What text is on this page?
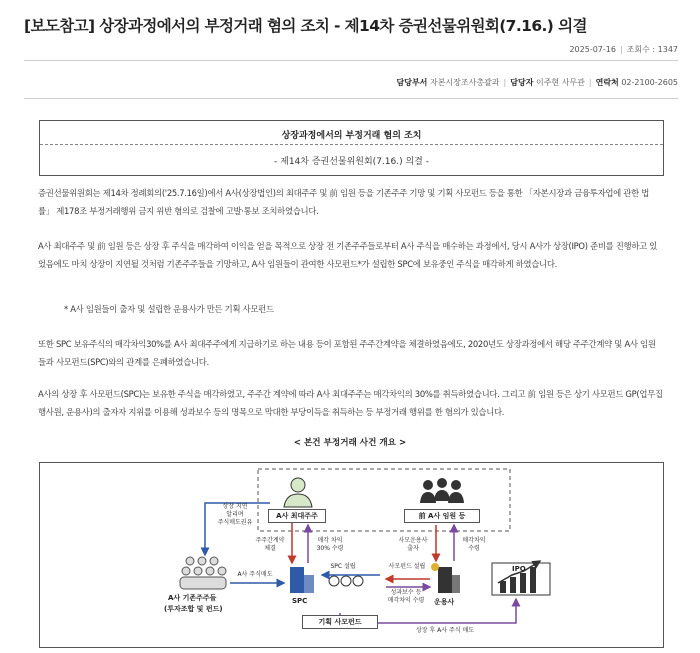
[보도참고] 상장과정에서의 부정거래 혐의 조치 - 제14차 증권선물위원회(7.16.) 의결
2025-07-16 | 조회수 : 1347
담당부서 자본시장조사총괄과 | 담당자 이주현 사무관 | 연락처 02-2100-2605
상장과정에서의 부정거래 혐의 조치
- 제14차 증권선물위원회(7.16.) 의결 -
증권선물위원회는 제14차 정례회의('25.7.16일)에서 A사(상장법인)의 최대주주 및 前 임원 등을 기존주주 기망 및 기획 사모펀드 등을 통한 「자본시장과 금융투자업에 관한 법률」 제178조 부정거래행위 금지 위반 혐의로 검찰에 고발·통보 조치하였습니다.
A사 최대주주 및 前 임원 등은 상장 후 주식을 매각하여 이익을 얻을 목적으로 상장 전 기존주주들로부터 A사 주식을 매수하는 과정에서, 당시 A사가 상장(IPO) 준비를 진행하고 있었음에도 마치 상장이 지연될 것처럼 기존주주들을 기망하고, A사 임원들이 관여한 사모펀드*가 설립한 SPC에 보유중인 주식을 매각하게 하였습니다.
* A사 임원들이 출자 및 설립한 운용사가 만든 기획 사모펀드
또한 SPC 보유주식의 매각차익30%를 A사 최대주주에게 지급하기로 하는 내용 등이 포함된 주주간계약을 체결하였음에도, 2020년도 상장과정에서 해당 주주간계약 및 A사 임원들과 사모펀드(SPC)와의 관계를 은폐하였습니다.
A사의 상장 후 사모펀드(SPC)는 보유한 주식을 매각하였고, 주주간 계약에 따라 A사 최대주주는 매각차익의 30%를 취득하였습니다. 그리고 前 임원 등은 상기 사모펀드 GP(업무집행사원, 운용사)의 출자자 지위를 이용해 성과보수 등의 명목으로 막대한 부당이득을 취득하는 등 부정거래 행위를 한 혐의가 있습니다.
< 본건 부정거래 사건 개요 >
A사 최대주주	前 A사 임원 등
기획 사모펀드
A사 기존주주들
(투자조합 및 펀드)
SPC	운용사
IPO
상장 지연
알리며
주식매도권유
A사 주식매도
주주간계약
체결
매각 차익
30% 수령
사모운용사
출자
매각차익
수령
SPC 설립	사모펀드 설립
성과보수 등
매각차익 수령
상장 후 A사 주식 매도
